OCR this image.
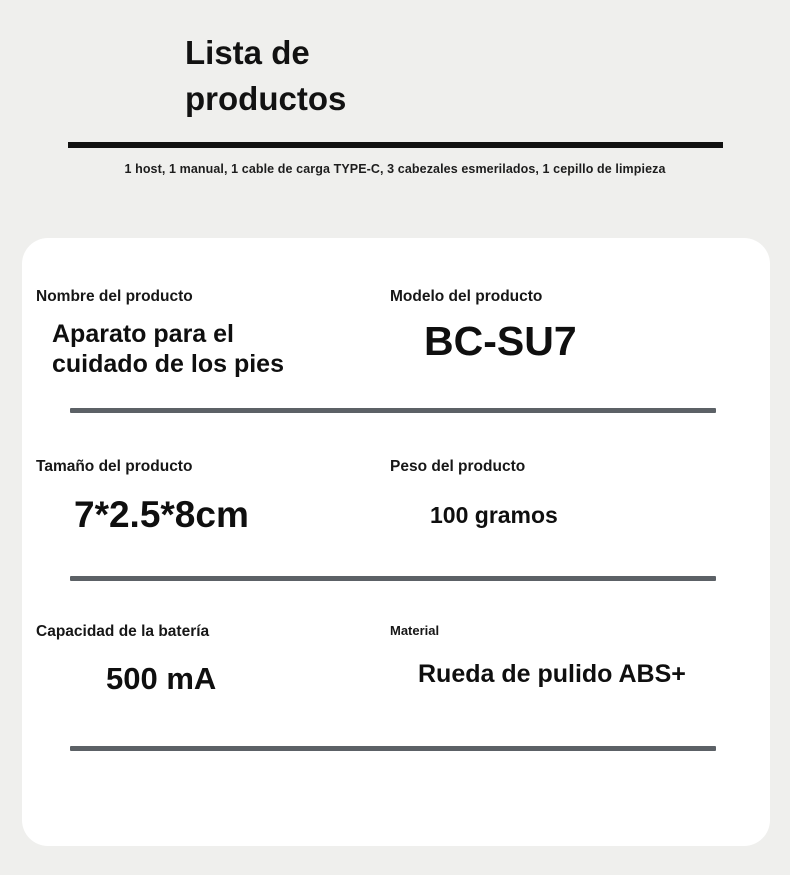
Lista de
productos
1 host, 1 manual, 1 cable de carga TYPE-C, 3 cabezales esmerilados, 1 cepillo de limpieza
Nombre del producto
Aparato para el
cuidado de los pies
Modelo del producto
BC-SU7
Tamaño del producto
7*2.5*8cm
Peso del producto
100 gramos
Capacidad de la batería
500 mA
Material
Rueda de pulido ABS+
